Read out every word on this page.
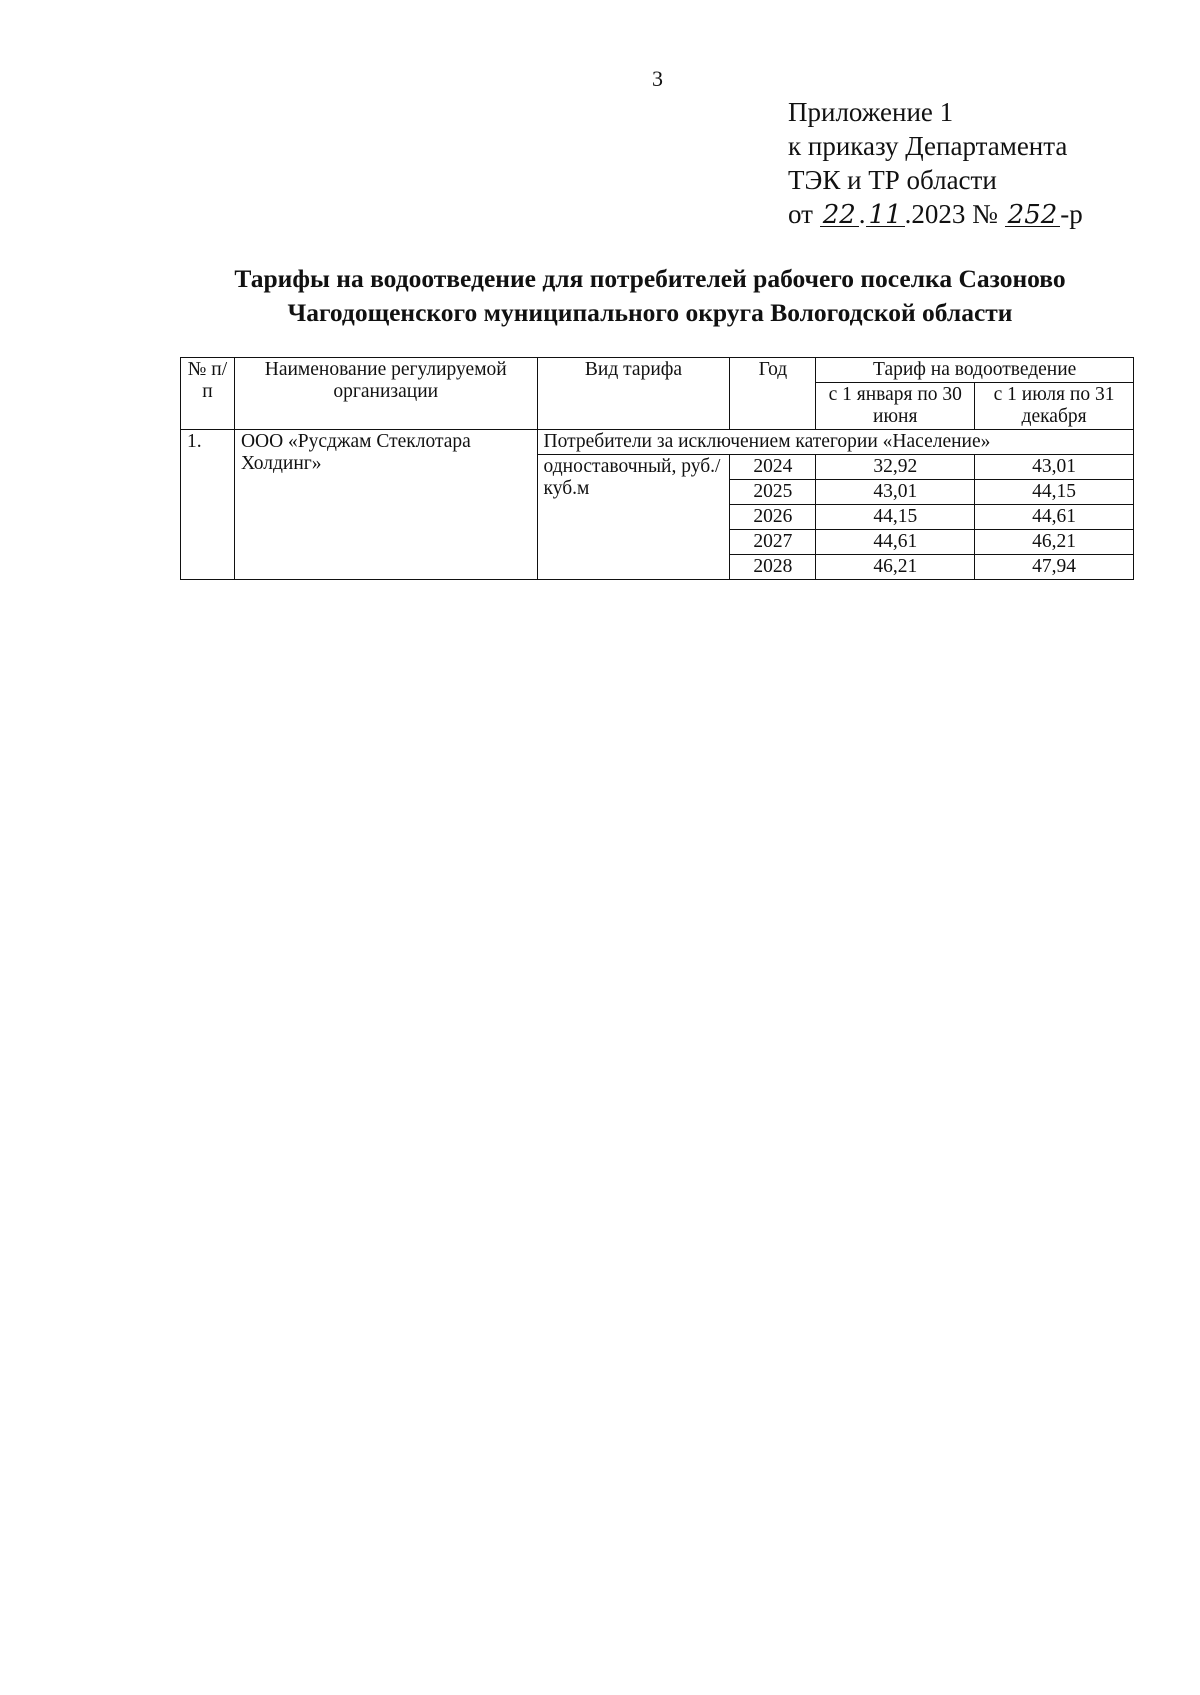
3
Приложение 1
к приказу Департамента
ТЭК и ТР области
от 22 . 11 .2023 № 252 -р
Тарифы на водоотведение для потребителей рабочего поселка Сазоново
Чагодощенского муниципального округа Вологодской области
№ п/п	Наименование регулируемой организации	Вид тарифа	Год	Тариф на водоотведение	
				с 1 января по 30 июня	с 1 июля по 31 декабря
1.	ООО «Русджам Стеклотара Холдинг»	Потребители за исключением категории «Население»			
		одноставочный, руб./куб.м	2024	32,92	43,01
			2025	43,01	44,15
			2026	44,15	44,61
			2027	44,61	46,21
			2028	46,21	47,94
